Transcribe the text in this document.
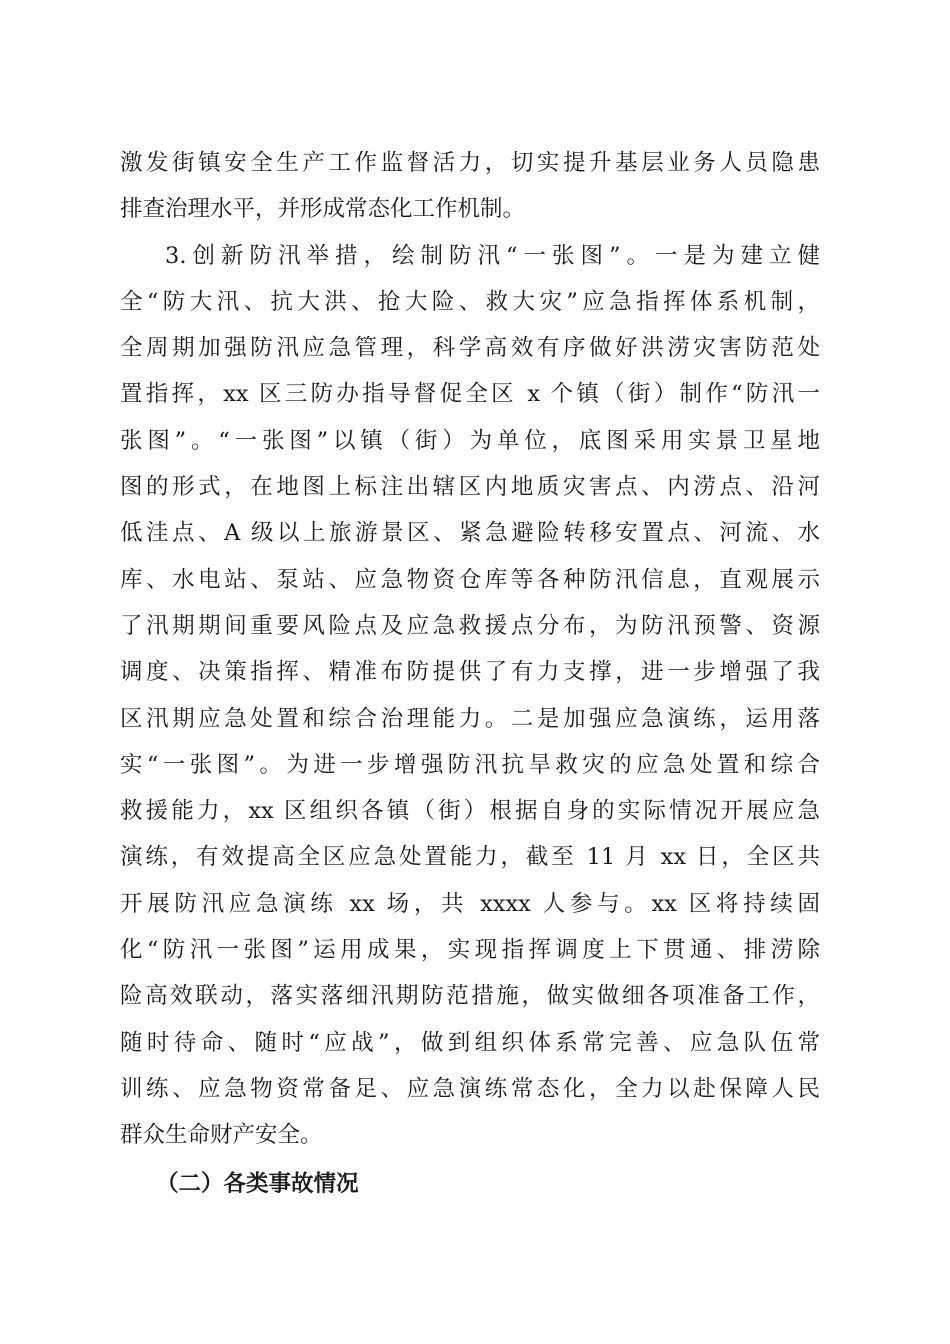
激发街镇安全生产工作监督活力，切实提升基层业务人员隐患
排查治理水平，并形成常态化工作机制。
3.创新防汛举措，绘制防汛“一张图”。一是为建立健
全“防大汛、抗大洪、抢大险、救大灾”应急指挥体系机制，
全周期加强防汛应急管理，科学高效有序做好洪涝灾害防范处
置指挥，xx 区三防办指导督促全区 x 个镇（街）制作“防汛一
张图”。“一张图”以镇（街）为单位，底图采用实景卫星地
图的形式，在地图上标注出辖区内地质灾害点、内涝点、沿河
低洼点、A 级以上旅游景区、紧急避险转移安置点、河流、水
库、水电站、泵站、应急物资仓库等各种防汛信息，直观展示
了汛期期间重要风险点及应急救援点分布，为防汛预警、资源
调度、决策指挥、精准布防提供了有力支撑，进一步增强了我
区汛期应急处置和综合治理能力。二是加强应急演练，运用落
实“一张图”。为进一步增强防汛抗旱救灾的应急处置和综合
救援能力，xx 区组织各镇（街）根据自身的实际情况开展应急
演练，有效提高全区应急处置能力，截至 11 月 xx 日，全区共
开展防汛应急演练 xx 场，共 xxxx 人参与。xx 区将持续固
化“防汛一张图”运用成果，实现指挥调度上下贯通、排涝除
险高效联动，落实落细汛期防范措施，做实做细各项准备工作，
随时待命、随时“应战”，做到组织体系常完善、应急队伍常
训练、应急物资常备足、应急演练常态化，全力以赴保障人民
群众生命财产安全。
（二）各类事故情况
